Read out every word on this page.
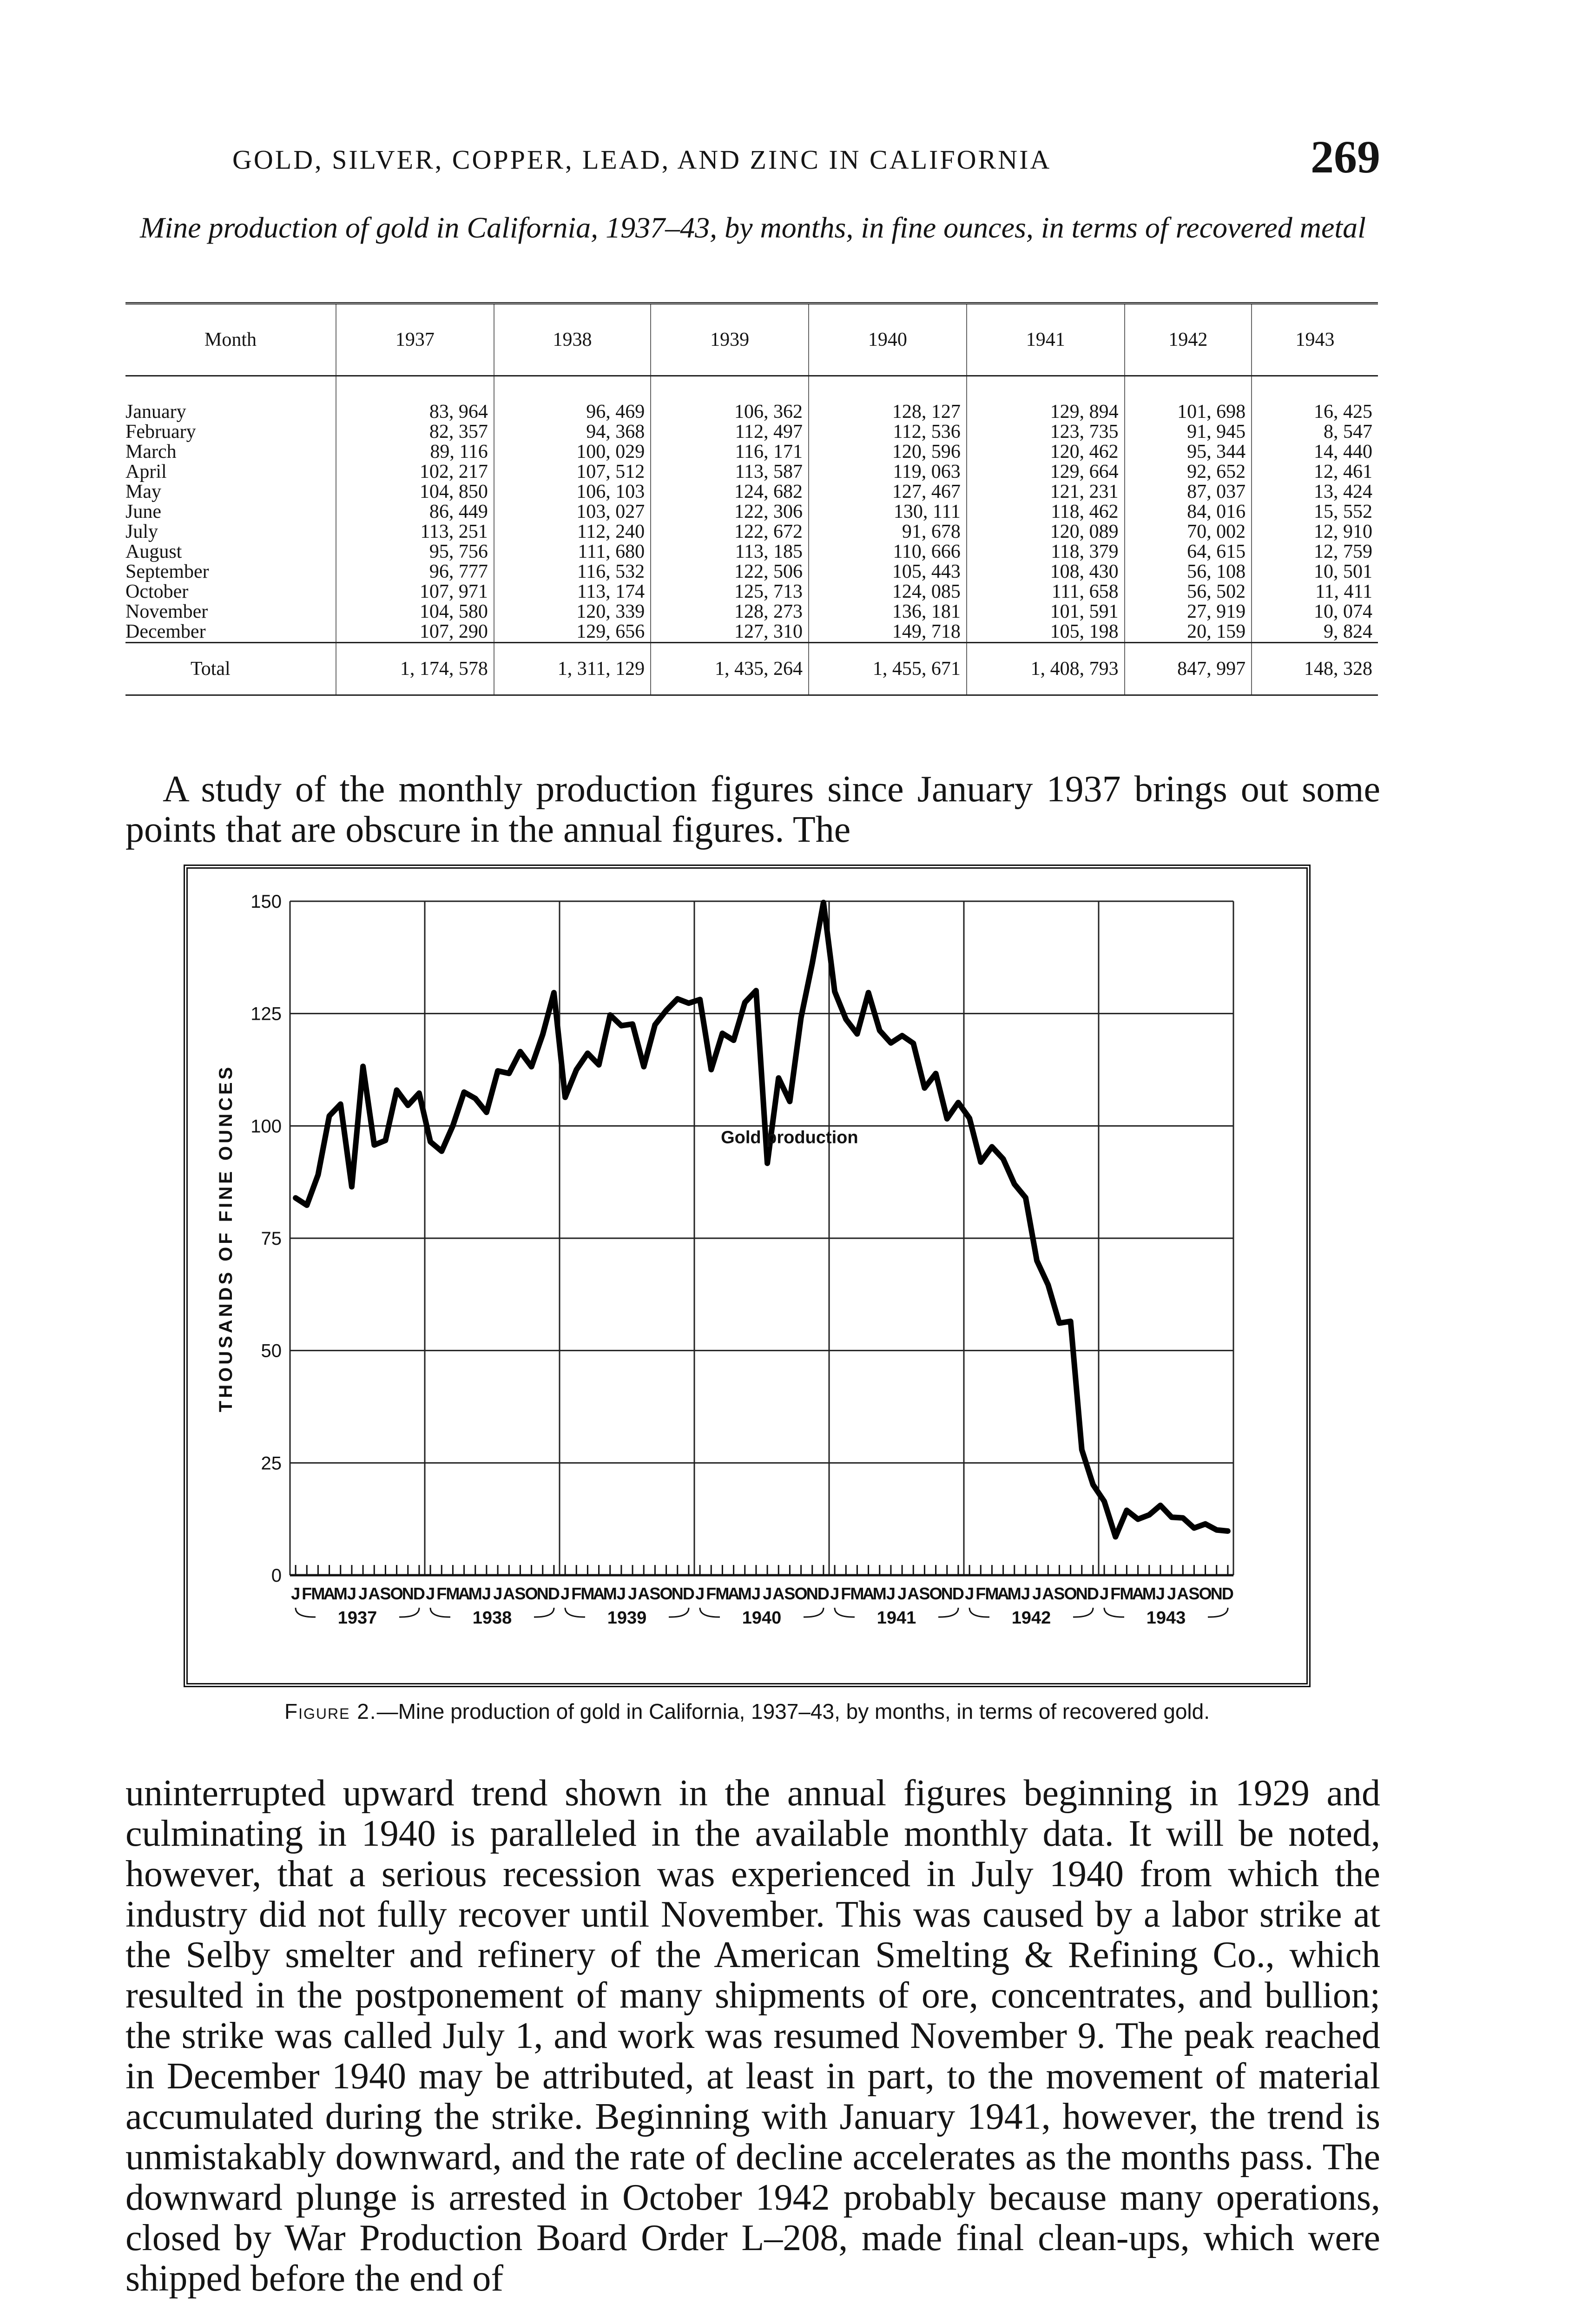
GOLD, SILVER, COPPER, LEAD, AND ZINC IN CALIFORNIA	269
Mine production of gold in California, 1937–43, by months, in fine ounces, in terms of recovered metal
Month	1937	1938	1939	1940	1941	1942	1943
January	83, 964	96, 469	106, 362	128, 127	129, 894	101, 698	16, 425
February	82, 357	94, 368	112, 497	112, 536	123, 735	91, 945	8, 547
March	89, 116	100, 029	116, 171	120, 596	120, 462	95, 344	14, 440
April	102, 217	107, 512	113, 587	119, 063	129, 664	92, 652	12, 461
May	104, 850	106, 103	124, 682	127, 467	121, 231	87, 037	13, 424
June	86, 449	103, 027	122, 306	130, 111	118, 462	84, 016	15, 552
July	113, 251	112, 240	122, 672	91, 678	120, 089	70, 002	12, 910
August	95, 756	111, 680	113, 185	110, 666	118, 379	64, 615	12, 759
September	96, 777	116, 532	122, 506	105, 443	108, 430	56, 108	10, 501
October	107, 971	113, 174	125, 713	124, 085	111, 658	56, 502	11, 411
November	104, 580	120, 339	128, 273	136, 181	101, 591	27, 919	10, 074
December	107, 290	129, 656	127, 310	149, 718	105, 198	20, 159	9, 824
Total	1, 174, 578	1, 311, 129	1, 435, 264	1, 455, 671	1, 408, 793	847, 997	148, 328

A study of the monthly production figures since January 1937 brings out some points that are obscure in the annual figures. The

0
25
50
75
100
125
150
J F
M
A
M J J A S
O
N
D J F
M
A
M J J A S
O
N
D J F
M
A
M J J A S
O
N
D J F
M
A
M J J A S
O
N
D J F
M
A
M J J A S
O
N
D J F
M
A
M J J A S
O
N
D J F
M
A
M J J A S
O
N
D
1937	1938	1939	1940	1941	1942	1943
THOUSANDS OF FINE OUNCES	Gold production
Figure 2.—Mine production of gold in California, 1937–43, by months, in terms of recovered gold.

uninterrupted upward trend shown in the annual figures beginning in 1929 and culminating in 1940 is paralleled in the available monthly data. It will be noted, however, that a serious recession was experienced in July 1940 from which the industry did not fully recover until November. This was caused by a labor strike at the Selby smelter and refinery of the American Smelting & Refining Co., which resulted in the postponement of many shipments of ore, concentrates, and bullion; the strike was called July 1, and work was resumed November 9. The peak reached in December 1940 may be attributed, at least in part, to the movement of material accumulated during the strike. Beginning with January 1941, however, the trend is unmistakably downward, and the rate of decline accelerates as the months pass. The downward plunge is arrested in October 1942 probably because many operations, closed by War Production Board Order L–208, made final clean-ups, which were shipped before the end of
